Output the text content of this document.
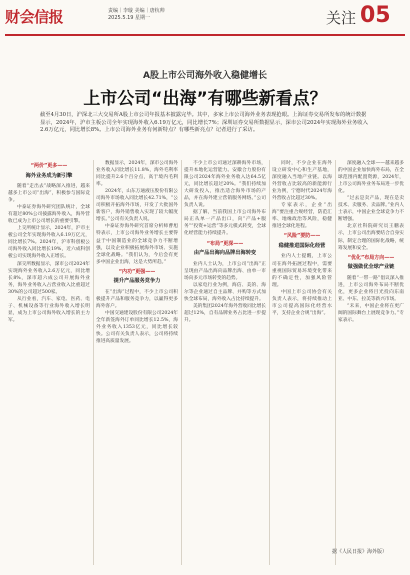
财会信报	责编｜李璇 美编｜唐杭帅
2025.5.19 星期一	关注 05
A股上市公司海外收入稳健增长
上市公司“出海”有哪些新看点？
截至4月30日，沪深北三大交易所A股上市公司年报基本披露完毕。其中，多家上市公司海外业务表现抢眼。上海证券交易所发布的统计数据显示，2024年，沪市主板公司全年实现海外收入6.19万亿元，同比增长7%；深圳证券交易所数据显示，深市公司2024年实现海外业务收入2.6万亿元，同比增长8%。上市公司海外业务有何新特点？有哪些新亮点？记者进行了采访。
“两价”更多——
海外业务成为新引擎

随着“走出去”战略深入推进，越来越多上市公司“出海”，积极参与国际竞争。

中泰证券海外研究团队统计，全球有超过80%公司披露海外收入，海外营收已成为上市公司增长的重要引擎。

上交所统计显示，2024年，沪市主板公司全年实现海外收入6.19万亿元，同比增长7%。2024年，沪市科创板公司海外收入同比增长19%，近六成科创板公司实现海外收入正增长。

深交所数据显示，深市公司2024年实现海外业务收入2.6万亿元，同比增长8%，深市超六成公司开展海外业务，海外业务收入占营业收入比重超过30%的公司超过500家。

从行业看，汽车、家电、医药、电子、机械设备等行业海外收入增长明显，成为上市公司海外收入增长的主力军。

数据显示，2024年，深市公司海外业务收入同比增长11.8%，海外毛利率同比提升2.6个百分点，高于境内毛利率。

2024年，山东万通液压股份有限公司海外市场收入同比增长42.71%，“公司积极开拓海外市场，开发了大批国外新客户，海外销售收入实现了较大幅度增长。”公司有关负责人说。

中泰证券海外研究首席分析师曹旭特表示，上市公司海外业务增长主要得益于中国制造业的全球竞争力不断增强，以及企业积极拓展海外市场、实施全球化战略。“我们认为，今后会有更多中国企业出海，这是大势所趋。”

“内功”更强——
提升产品服务竞争力

在“出海”过程中，不少上市公司积极提升产品和服务竞争力，以赢得更多海外客户。

中国交通建设股份有限公司2024年全年新签海外订单同比增长12.5%，海外业务收入1353亿元，同比增长较快。公司有关负责人表示，公司将持续推进高质量发展。

不少上市公司通过深耕海外市场，提升本地化运营能力。安徽合力股份有限公司2024年海外业务收入达64.5亿元，同比增长超过20%。“我们持续加大研发投入，推出适合海外市场的产品，并在海外建立营销服务网络。”公司负责人说。

据了解，当前我国上市公司海外布局正从单一产品出口，向“产品+服务”“投资+运营”等多元模式转变，全球化经营能力持续提升。

“布局”更深——
由产品出海向品牌出海转变

业内人士认为，上市公司“出海”正呈现由产品出海向品牌出海、由单一市场向多元市场转变的趋势。

以家电行业为例，海信、美的、海尔等企业通过自主品牌、并购等方式加快全球布局，海外收入占比持续提升。

美的集团2024年海外营收同比增长超过12%，自有品牌业务占比进一步提升。

同时，不少企业在海外设立研发中心和生产基地，深度融入当地产业链。以海外营收占比较高的新能源行业为例，宁德时代2024年海外营收占比超过30%。

专家表示，企业“出海”要注重合规经营，防范汇率、地缘政治等风险，稳健推进全球化进程。

“风险”要防——
稳健推进国际化经营

业内人士提醒，上市公司在海外拓展过程中，需要重视国际贸易环境变化带来的不确定性，加强风险管理。

中国上市公司协会有关负责人表示，将持续推动上市公司提高国际化经营水平，支持企业合规“出海”。

深度融入全球——越来越多的中国企业加快海外布局，在全球范围内配置资源，2024年，上市公司海外业务布局进一步优化。

“过去是卖产品，现在是卖技术、卖服务、卖品牌。”业内人士表示，中国企业全球竞争力不断增强。

北京社科院研究员王鹏表示，上市公司出海要结合自身实际，制定合理的国际化战略，统筹发展和安全。

“优化”布局方向——
做强做优全球产业链

随着“一带一路”倡议深入推进，上市公司海外布局不断优化，更多企业将目光投向东南亚、中东、拉美等新兴市场。

“未来，中国企业将在更广阔的国际舞台上展现竞争力。”专家表示。

据《人民日报》海外版）
